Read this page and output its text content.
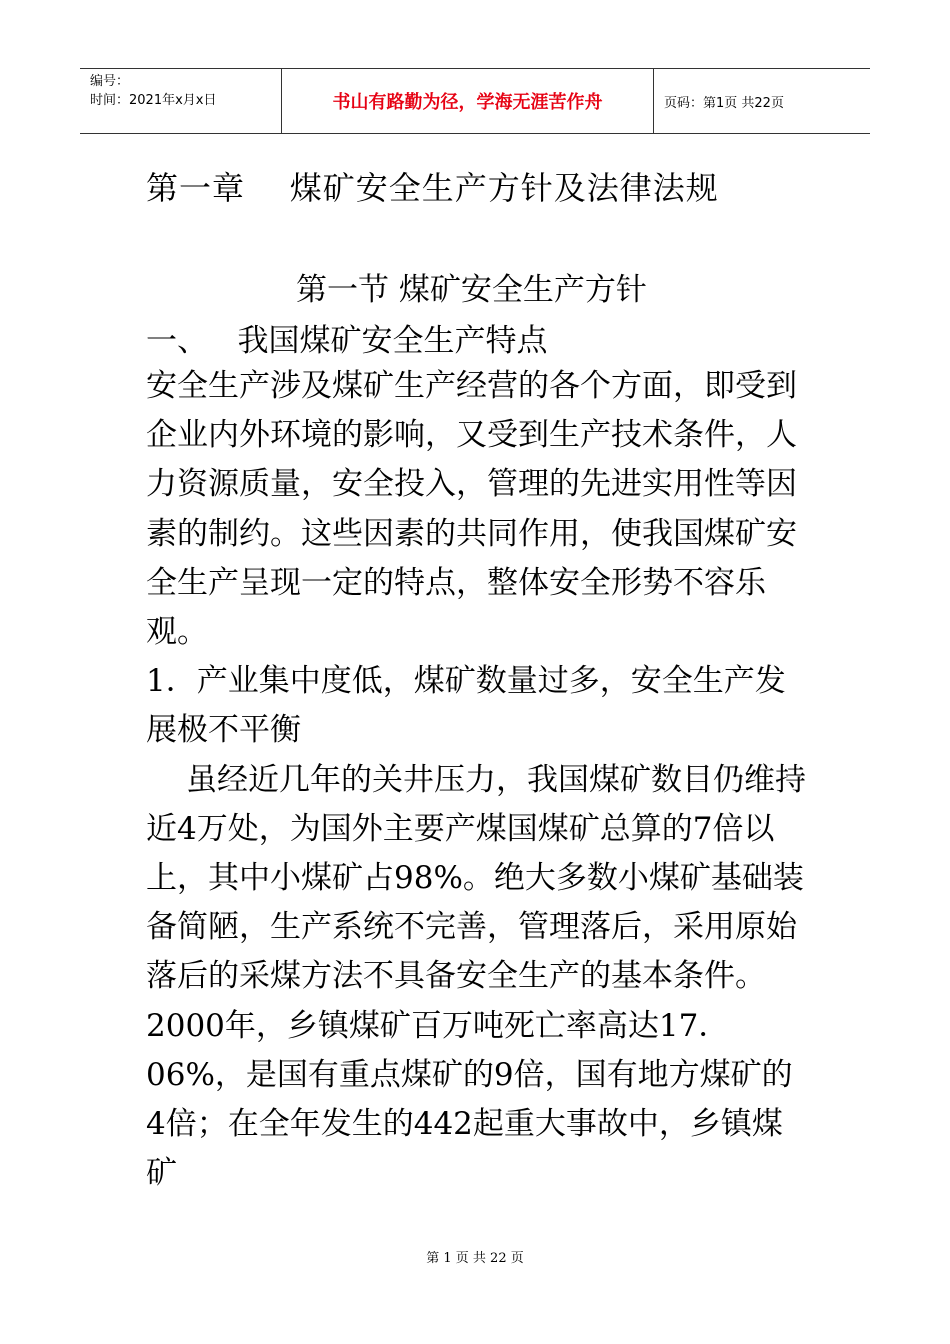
编号：
时间：2021年x月x日	书山有路勤为径，学海无涯苦作舟	页码：第1页 共22页
第一章    煤矿安全生产方针及法律法规
第一节 煤矿安全生产方针
一、   我国煤矿安全生产特点

安全生产涉及煤矿生产经营的各个方面，即受到企业内外环境的影响，又受到生产技术条件，人力资源质量，安全投入，管理的先进实用性等因素的制约。这些因素的共同作用，使我国煤矿安全生产呈现一定的特点，整体安全形势不容乐观。

1．产业集中度低，煤矿数量过多，安全生产发展极不平衡

虽经近几年的关井压力，我国煤矿数目仍维持近4万处，为国外主要产煤国煤矿总算的7倍以上，其中小煤矿占98%。绝大多数小煤矿基础装备简陋，生产系统不完善，管理落后，采用原始落后的采煤方法不具备安全生产的基本条件。2000年，乡镇煤矿百万吨死亡率高达17．06%，是国有重点煤矿的9倍，国有地方煤矿的4倍；在全年发生的442起重大事故中，乡镇煤矿

第 1 页 共 22 页
